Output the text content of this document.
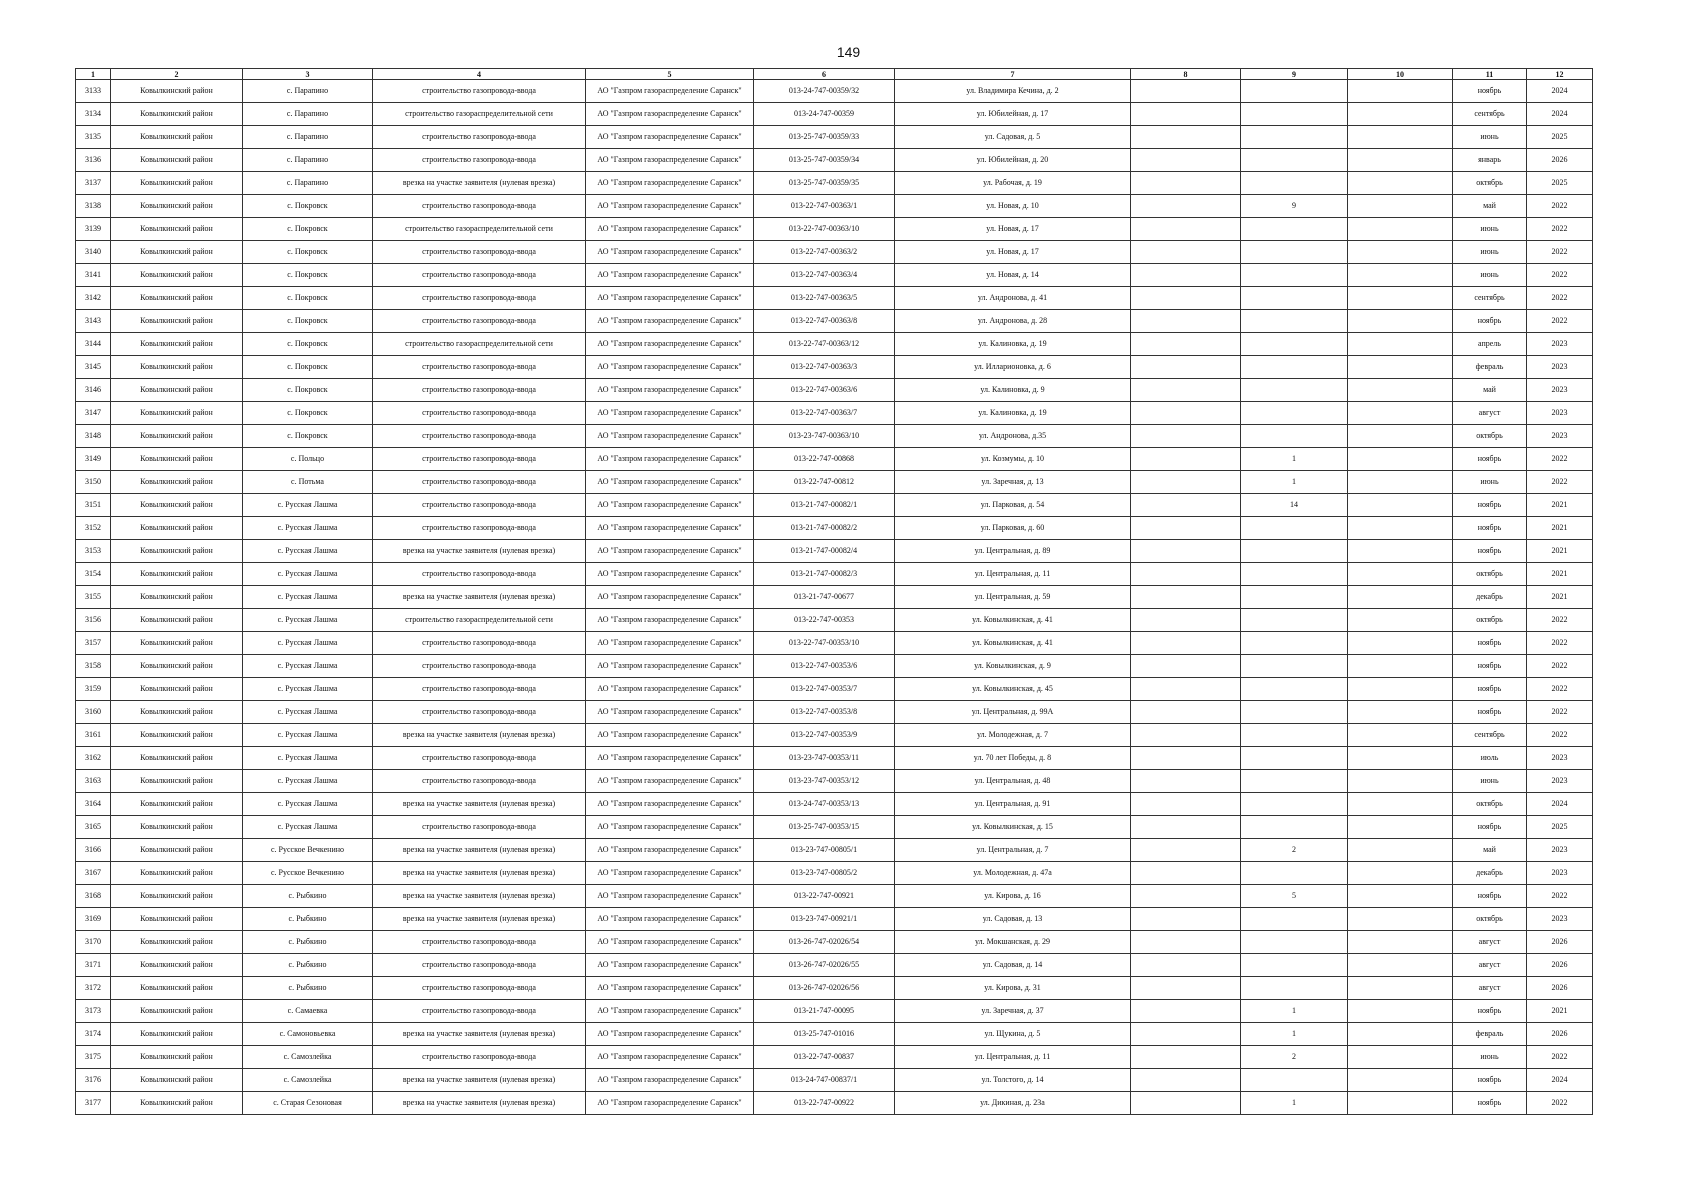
149
1	2	3	4	5	6	7	8	9	10	11	12
3133	Ковылкинский район	с. Парапино	строительство газопровода-ввода	АО "Газпром газораспределение Саранск"	013-24-747-00359/32	ул. Владимира Кечина, д. 2				ноябрь	2024
3134	Ковылкинский район	с. Парапино	строительство газораспределительной сети	АО "Газпром газораспределение Саранск"	013-24-747-00359	ул. Юбилейная, д. 17				сентябрь	2024
3135	Ковылкинский район	с. Парапино	строительство газопровода-ввода	АО "Газпром газораспределение Саранск"	013-25-747-00359/33	ул. Садовая, д. 5				июнь	2025
3136	Ковылкинский район	с. Парапино	строительство газопровода-ввода	АО "Газпром газораспределение Саранск"	013-25-747-00359/34	ул. Юбилейная, д. 20				январь	2026
3137	Ковылкинский район	с. Парапино	врезка на участке заявителя (нулевая врезка)	АО "Газпром газораспределение Саранск"	013-25-747-00359/35	ул. Рабочая, д. 19				октябрь	2025
3138	Ковылкинский район	с. Покровск	строительство газопровода-ввода	АО "Газпром газораспределение Саранск"	013-22-747-00363/1	ул. Новая, д. 10		9		май	2022
3139	Ковылкинский район	с. Покровск	строительство газораспределительной сети	АО "Газпром газораспределение Саранск"	013-22-747-00363/10	ул. Новая, д. 17				июнь	2022
3140	Ковылкинский район	с. Покровск	строительство газопровода-ввода	АО "Газпром газораспределение Саранск"	013-22-747-00363/2	ул. Новая, д. 17				июнь	2022
3141	Ковылкинский район	с. Покровск	строительство газопровода-ввода	АО "Газпром газораспределение Саранск"	013-22-747-00363/4	ул. Новая, д. 14				июнь	2022
3142	Ковылкинский район	с. Покровск	строительство газопровода-ввода	АО "Газпром газораспределение Саранск"	013-22-747-00363/5	ул. Андронова, д. 41				сентябрь	2022
3143	Ковылкинский район	с. Покровск	строительство газопровода-ввода	АО "Газпром газораспределение Саранск"	013-22-747-00363/8	ул. Андронова, д. 28				ноябрь	2022
3144	Ковылкинский район	с. Покровск	строительство газораспределительной сети	АО "Газпром газораспределение Саранск"	013-22-747-00363/12	ул. Калиновка, д. 19				апрель	2023
3145	Ковылкинский район	с. Покровск	строительство газопровода-ввода	АО "Газпром газораспределение Саранск"	013-22-747-00363/3	ул. Илларионовка, д. 6				февраль	2023
3146	Ковылкинский район	с. Покровск	строительство газопровода-ввода	АО "Газпром газораспределение Саранск"	013-22-747-00363/6	ул. Калиновка, д. 9				май	2023
3147	Ковылкинский район	с. Покровск	строительство газопровода-ввода	АО "Газпром газораспределение Саранск"	013-22-747-00363/7	ул. Калиновка, д. 19				август	2023
3148	Ковылкинский район	с. Покровск	строительство газопровода-ввода	АО "Газпром газораспределение Саранск"	013-23-747-00363/10	ул. Андронова, д.35				октябрь	2023
3149	Ковылкинский район	с. Польцо	строительство газопровода-ввода	АО "Газпром газораспределение Саранск"	013-22-747-00868	ул. Козмумы, д. 10		1		ноябрь	2022
3150	Ковылкинский район	с. Потьма	строительство газопровода-ввода	АО "Газпром газораспределение Саранск"	013-22-747-00812	ул. Заречная, д. 13		1		июнь	2022
3151	Ковылкинский район	с. Русская Лашма	строительство газопровода-ввода	АО "Газпром газораспределение Саранск"	013-21-747-00082/1	ул. Парковая, д. 54		14		ноябрь	2021
3152	Ковылкинский район	с. Русская Лашма	строительство газопровода-ввода	АО "Газпром газораспределение Саранск"	013-21-747-00082/2	ул. Парковая, д. 60				ноябрь	2021
3153	Ковылкинский район	с. Русская Лашма	врезка на участке заявителя (нулевая врезка)	АО "Газпром газораспределение Саранск"	013-21-747-00082/4	ул. Центральная, д. 89				ноябрь	2021
3154	Ковылкинский район	с. Русская Лашма	строительство газопровода-ввода	АО "Газпром газораспределение Саранск"	013-21-747-00082/3	ул. Центральная, д. 11				октябрь	2021
3155	Ковылкинский район	с. Русская Лашма	врезка на участке заявителя (нулевая врезка)	АО "Газпром газораспределение Саранск"	013-21-747-00677	ул. Центральная, д. 59				декабрь	2021
3156	Ковылкинский район	с. Русская Лашма	строительство газораспределительной сети	АО "Газпром газораспределение Саранск"	013-22-747-00353	ул. Ковылкинская, д. 41				октябрь	2022
3157	Ковылкинский район	с. Русская Лашма	строительство газопровода-ввода	АО "Газпром газораспределение Саранск"	013-22-747-00353/10	ул. Ковылкинская, д. 41				ноябрь	2022
3158	Ковылкинский район	с. Русская Лашма	строительство газопровода-ввода	АО "Газпром газораспределение Саранск"	013-22-747-00353/6	ул. Ковылкинская, д. 9				ноябрь	2022
3159	Ковылкинский район	с. Русская Лашма	строительство газопровода-ввода	АО "Газпром газораспределение Саранск"	013-22-747-00353/7	ул. Ковылкинская, д. 45				ноябрь	2022
3160	Ковылкинский район	с. Русская Лашма	строительство газопровода-ввода	АО "Газпром газораспределение Саранск"	013-22-747-00353/8	ул. Центральная, д. 99А				ноябрь	2022
3161	Ковылкинский район	с. Русская Лашма	врезка на участке заявителя (нулевая врезка)	АО "Газпром газораспределение Саранск"	013-22-747-00353/9	ул. Молодежная, д. 7				сентябрь	2022
3162	Ковылкинский район	с. Русская Лашма	строительство газопровода-ввода	АО "Газпром газораспределение Саранск"	013-23-747-00353/11	ул. 70 лет Победы, д. 8				июль	2023
3163	Ковылкинский район	с. Русская Лашма	строительство газопровода-ввода	АО "Газпром газораспределение Саранск"	013-23-747-00353/12	ул. Центральная, д. 48				июнь	2023
3164	Ковылкинский район	с. Русская Лашма	врезка на участке заявителя (нулевая врезка)	АО "Газпром газораспределение Саранск"	013-24-747-00353/13	ул. Центральная, д. 91				октябрь	2024
3165	Ковылкинский район	с. Русская Лашма	строительство газопровода-ввода	АО "Газпром газораспределение Саранск"	013-25-747-00353/15	ул. Ковылкинская, д. 15				ноябрь	2025
3166	Ковылкинский район	с. Русское Вечкенино	врезка на участке заявителя (нулевая врезка)	АО "Газпром газораспределение Саранск"	013-23-747-00805/1	ул. Центральная, д. 7		2		май	2023
3167	Ковылкинский район	с. Русское Вечкенино	врезка на участке заявителя (нулевая врезка)	АО "Газпром газораспределение Саранск"	013-23-747-00805/2	ул. Молодежная, д. 47а				декабрь	2023
3168	Ковылкинский район	с. Рыбкино	врезка на участке заявителя (нулевая врезка)	АО "Газпром газораспределение Саранск"	013-22-747-00921	ул. Кирова, д. 16		5		ноябрь	2022
3169	Ковылкинский район	с. Рыбкино	врезка на участке заявителя (нулевая врезка)	АО "Газпром газораспределение Саранск"	013-23-747-00921/1	ул. Садовая, д. 13				октябрь	2023
3170	Ковылкинский район	с. Рыбкино	строительство газопровода-ввода	АО "Газпром газораспределение Саранск"	013-26-747-02026/54	ул. Мокшанская, д. 29				август	2026
3171	Ковылкинский район	с. Рыбкино	строительство газопровода-ввода	АО "Газпром газораспределение Саранск"	013-26-747-02026/55	ул. Садовая, д. 14				август	2026
3172	Ковылкинский район	с. Рыбкино	строительство газопровода-ввода	АО "Газпром газораспределение Саранск"	013-26-747-02026/56	ул. Кирова, д. 31				август	2026
3173	Ковылкинский район	с. Самаевка	строительство газопровода-ввода	АО "Газпром газораспределение Саранск"	013-21-747-00095	ул. Заречная, д. 37		1		ноябрь	2021
3174	Ковылкинский район	с. Самоновьевка	врезка на участке заявителя (нулевая врезка)	АО "Газпром газораспределение Саранск"	013-25-747-01016	ул. Щукина, д. 5		1		февраль	2026
3175	Ковылкинский район	с. Самозлейка	строительство газопровода-ввода	АО "Газпром газораспределение Саранск"	013-22-747-00837	ул. Центральная, д. 11		2		июнь	2022
3176	Ковылкинский район	с. Самозлейка	врезка на участке заявителя (нулевая врезка)	АО "Газпром газораспределение Саранск"	013-24-747-00837/1	ул. Толстого, д. 14				ноябрь	2024
3177	Ковылкинский район	с. Старая Сезоновая	врезка на участке заявителя (нулевая врезка)	АО "Газпром газораспределение Саранск"	013-22-747-00922	ул. Дикиная, д. 23а		1		ноябрь	2022
